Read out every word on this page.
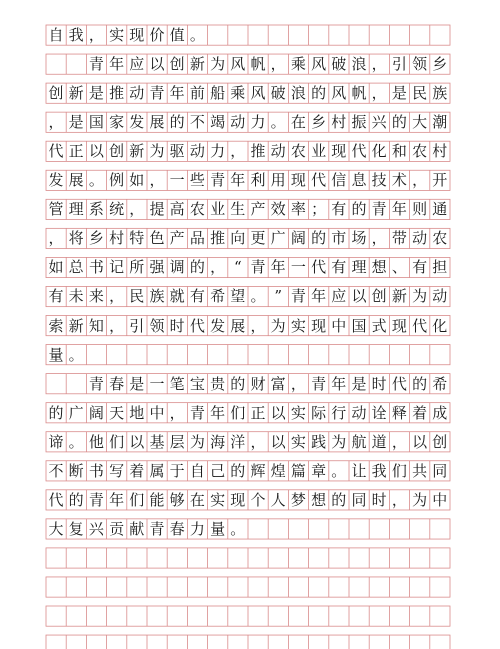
自 我 ， 实 现 价 值 。
青 年 应 以 创 新 为 风 帆 ， 乘 风 破 浪 ， 引 领 乡
创 新 是 推 动 青 年 前 船 乘 风 破 浪 的 风 帆 ， 是 民 族
， 是 国 家 发 展 的 不 竭 动 力 。 在 乡 村 振 兴 的 大 潮
代 正 以 创 新 为 驱 动 力 ， 推 动 农 业 现 代 化 和 农 村
发 展 。 例 如 ， 一 些 青 年 利 用 现 代 信 息 技 术 ， 开
管 理 系 统 ， 提 高 农 业 生 产 效 率 ； 有 的 青 年 则 通
， 将 乡 村 特 色 产 品 推 向 更 广 阔 的 市 场 ， 带 动 农
如 总 书 记 所 强 调 的 ， “ 青 年 一 代 有 理 想 、 有 担
有 未 来 ， 民 族 就 有 希 望 。 ” 青 年 应 以 创 新 为 动
索 新 知 ， 引 领 时 代 发 展 ， 为 实 现 中 国 式 现 代 化
量 。
青 春 是 一 笔 宝 贵 的 财 富 ， 青 年 是 时 代 的 希
的 广 阔 天 地 中 ， 青 年 们 正 以 实 际 行 动 诠 释 着 成
谛 。 他 们 以 基 层 为 海 洋 ， 以 实 践 为 航 道 ， 以 创
不 断 书 写 着 属 于 自 己 的 辉 煌 篇 章 。 让 我 们 共 同
代 的 青 年 们 能 够 在 实 现 个 人 梦 想 的 同 时 ， 为 中
大 复 兴 贡 献 青 春 力 量 。
